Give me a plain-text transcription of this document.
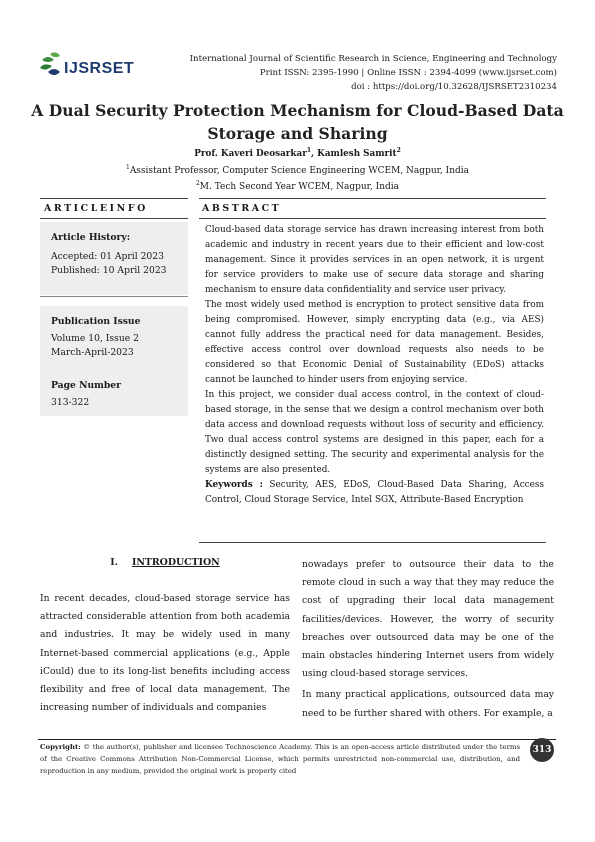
IJSRSET
International Journal of Scientific Research in Science, Engineering and Technology
Print ISSN: 2395-1990 | Online ISSN : 2394-4099 (www.ijsrset.com)
doi : https://doi.org/10.32628/IJSRSET2310234
A Dual Security Protection Mechanism for Cloud-Based Data
Storage and Sharing
Prof. Kaveri Deosarkar$^1$, Kamlesh Samrit$^2$
$^1$Assistant Professor, Computer Science Engineering WCEM, Nagpur, India
$^2$M. Tech Second Year WCEM, Nagpur, India
ARTICLEINFO	ABSTRACT
Article History:
Accepted: 01 April 2023
Published: 10 April 2023
Publication Issue
Volume 10, Issue 2
March-April-2023
Page Number
313-322

Cloud-based data storage service has drawn increasing interest from both academic and industry in recent years due to their efficient and low-cost management. Since it provides services in an open network, it is urgent for service providers to make use of secure data storage and sharing mechanism to ensure data confidentiality and service user privacy.

The most widely used method is encryption to protect sensitive data from being compromised. However, simply encrypting data (e.g., via AES) cannot fully address the practical need for data management. Besides, effective access control over download requests also needs to be considered so that Economic Denial of Sustainability (EDoS) attacks cannot be launched to hinder users from enjoying service.

In this project, we consider dual access control, in the context of cloud-based storage, in the sense that we design a control mechanism over both data access and download requests without loss of security and efficiency. Two dual access control systems are designed in this paper, each for a distinctly designed setting. The security and experimental analysis for the systems are also presented.

Keywords : Security, AES, EDoS, Cloud-Based Data Sharing, Access Control, Cloud Storage Service, Intel SGX, Attribute-Based Encryption

I. INTRODUCTION

In recent decades, cloud-based storage service has attracted considerable attention from both academia and industries. It may be widely used in many Internet-based commercial applications (e.g., Apple iCould) due to its long-list benefits including access flexibility and free of local data management. The increasing number of individuals and companies

nowadays prefer to outsource their data to the remote cloud in such a way that they may reduce the cost of upgrading their local data management facilities/devices. However, the worry of security breaches over outsourced data may be one of the main obstacles hindering Internet users from widely using cloud-based storage services.

In many practical applications, outsourced data may need to be further shared with others. For example, a

Copyright: © the author(s), publisher and licensee Technoscience Academy. This is an open-access article distributed under the terms of the Creative Commons Attribution Non-Commercial License, which permits unrestricted non-commercial use, distribution, and reproduction in any medium, provided the original work is properly cited
313
